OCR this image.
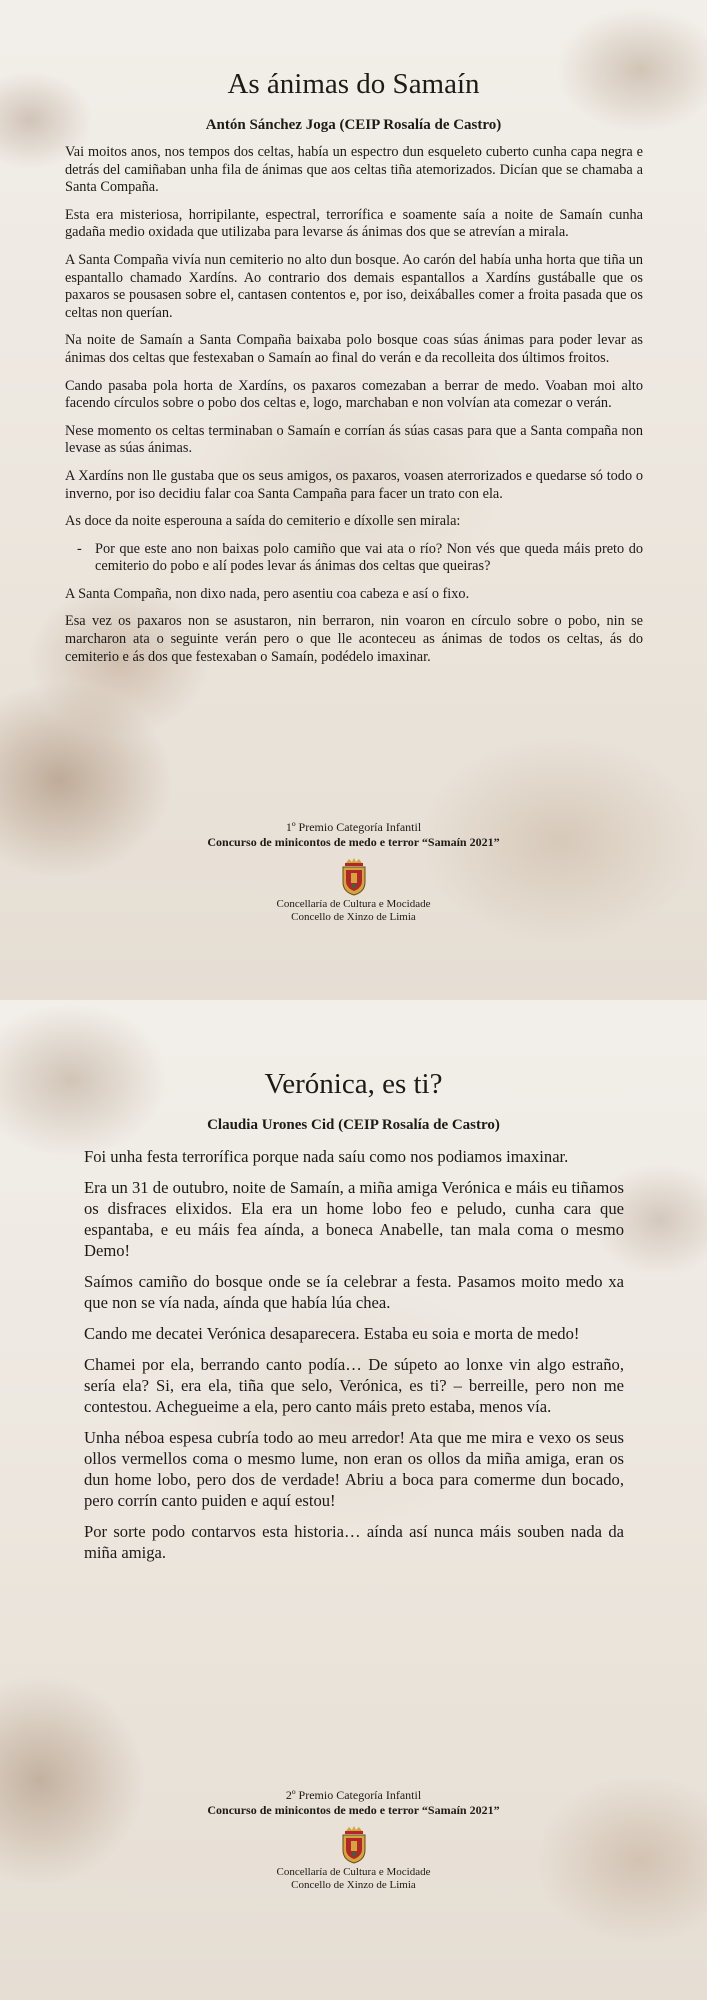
As ánimas do Samaín

Antón Sánchez Joga (CEIP Rosalía de Castro)

Vai moitos anos, nos tempos dos celtas, había un espectro dun esqueleto cuberto cunha capa negra e detrás del camiñaban unha fila de ánimas que aos celtas tiña atemorizados. Dicían que se chamaba a Santa Compaña.

Esta era misteriosa, horripilante, espectral, terrorífica e soamente saía a noite de Samaín cunha gadaña medio oxidada que utilizaba para levarse ás ánimas dos que se atrevían a mirala.

A Santa Compaña vivía nun cemiterio no alto dun bosque. Ao carón del había unha horta que tiña un espantallo chamado Xardíns. Ao contrario dos demais espantallos a Xardíns gustáballe que os paxaros se pousasen sobre el, cantasen contentos e, por iso, deixáballes comer a froita pasada que os celtas non querían.

Na noite de Samaín a Santa Compaña baixaba polo bosque coas súas ánimas para poder levar as ánimas dos celtas que festexaban o Samaín ao final do verán e da recolleita dos últimos froitos.

Cando pasaba pola horta de Xardíns, os paxaros comezaban a berrar de medo. Voaban moi alto facendo círculos sobre o pobo dos celtas e, logo, marchaban e non volvían ata comezar o verán.

Nese momento os celtas terminaban o Samaín e corrían ás súas casas para que a Santa compaña non levase as súas ánimas.

A Xardíns non lle gustaba que os seus amigos, os paxaros, voasen aterrorizados e quedarse só todo o inverno, por iso decidiu falar coa Santa Campaña para facer un trato con ela.

As doce da noite esperouna a saída do cemiterio e díxolle sen mirala:

- Por que este ano non baixas polo camiño que vai ata o río? Non vés que queda máis preto do cemiterio do pobo e alí podes levar ás ánimas dos celtas que queiras?

A Santa Compaña, non dixo nada, pero asentiu coa cabeza e así o fixo.

Esa vez os paxaros non se asustaron, nin berraron, nin voaron en círculo sobre o pobo, nin se marcharon ata o seguinte verán pero o que lle aconteceu as ánimas de todos os celtas, ás do cemiterio e ás dos que festexaban o Samaín, podédelo imaxinar.

1º Premio Categoría Infantil

Concurso de minicontos de medo e terror “Samaín 2021”

Concellaría de Cultura e Mocidade

Concello de Xinzo de Limia

Verónica, es ti?

Claudia Urones Cid (CEIP Rosalía de Castro)

Foi unha festa terrorífica porque nada saíu como nos podiamos imaxinar.

Era un 31 de outubro, noite de Samaín, a miña amiga Verónica e máis eu tiñamos os disfraces elixidos. Ela era un home lobo feo e peludo, cunha cara que espantaba, e eu máis fea aínda, a boneca Anabelle, tan mala coma o mesmo Demo!

Saímos camiño do bosque onde se ía celebrar a festa. Pasamos moito medo xa que non se vía nada, aínda que había lúa chea.

Cando me decatei Verónica desaparecera. Estaba eu soia e morta de medo!

Chamei por ela, berrando canto podía… De súpeto ao lonxe vin algo estraño, sería ela? Si, era ela, tiña que selo, Verónica, es ti? – berreille, pero non me contestou. Achegueime a ela, pero canto máis preto estaba, menos vía.

Unha néboa espesa cubría todo ao meu arredor! Ata que me mira e vexo os seus ollos vermellos coma o mesmo lume, non eran os ollos da miña amiga, eran os dun home lobo, pero dos de verdade! Abriu a boca para comerme dun bocado, pero corrín canto puiden e aquí estou!

Por sorte podo contarvos esta historia… aínda así nunca máis souben nada da miña amiga.

2º Premio Categoría Infantil

Concurso de minicontos de medo e terror “Samaín 2021”

Concellaría de Cultura e Mocidade

Concello de Xinzo de Limia
